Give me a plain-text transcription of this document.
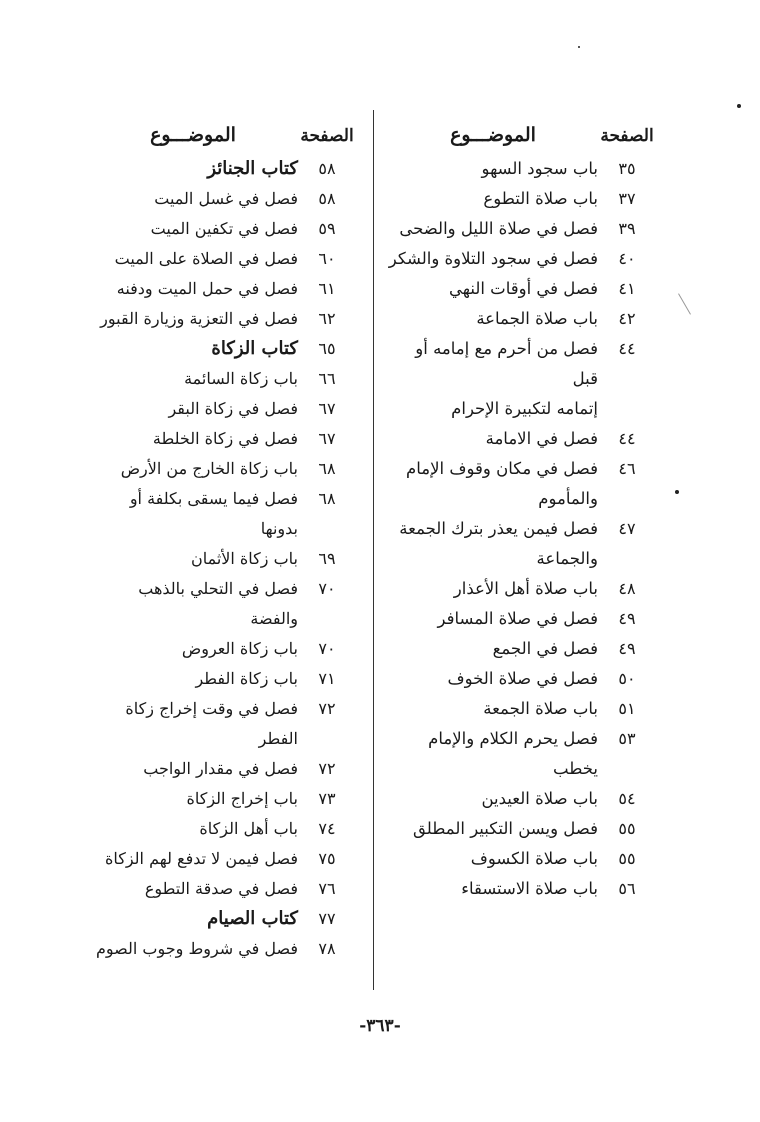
الصفحة
الموضـــوع
٣٥
باب سجود السهو
٣٧
باب صلاة التطوع
٣٩
فصل في صلاة الليل والضحى
٤٠
فصل في سجود التلاوة والشكر
٤١
فصل في أوقات النهي
٤٢
باب صلاة الجماعة
٤٤
فصل من أحرم مع إمامه أو قبل
إتمامه لتكبيرة الإحرام
٤٤
فصل في الامامة
٤٦
فصل في مكان وقوف الإمام
والمأموم
٤٧
فصل فيمن يعذر بترك الجمعة
والجماعة
٤٨
باب صلاة أهل الأعذار
٤٩
فصل في صلاة المسافر
٤٩
فصل في الجمع
٥٠
فصل في صلاة الخوف
٥١
باب صلاة الجمعة
٥٣
فصل يحرم الكلام والإمام
يخطب
٥٤
باب صلاة العيدين
٥٥
فصل ويسن التكبير المطلق
٥٥
باب صلاة الكسوف
٥٦
باب صلاة الاستسقاء
الصفحة
الموضـــوع
٥٨
كتاب الجنائز
٥٨
فصل في غسل الميت
٥٩
فصل في تكفين الميت
٦٠
فصل في الصلاة على الميت
٦١
فصل في حمل الميت ودفنه
٦٢
فصل في التعزية وزيارة القبور
٦٥
كتاب الزكاة
٦٦
باب زكاة السائمة
٦٧
فصل في زكاة البقر
٦٧
فصل في زكاة الخلطة
٦٨
باب زكاة الخارج من الأرض
٦٨
فصل فيما يسقى بكلفة أو بدونها
٦٩
باب زكاة الأثمان
٧٠
فصل في التحلي بالذهب والفضة
٧٠
باب زكاة العروض
٧١
باب زكاة الفطر
٧٢
فصل في وقت إخراج زكاة الفطر
٧٢
فصل في مقدار الواجب
٧٣
باب إخراج الزكاة
٧٤
باب أهل الزكاة
٧٥
فصل فيمن لا تدفع لهم الزكاة
٧٦
فصل في صدقة التطوع
٧٧
كتاب الصيام
٧٨
فصل في شروط وجوب الصوم
-٣٦٣-
